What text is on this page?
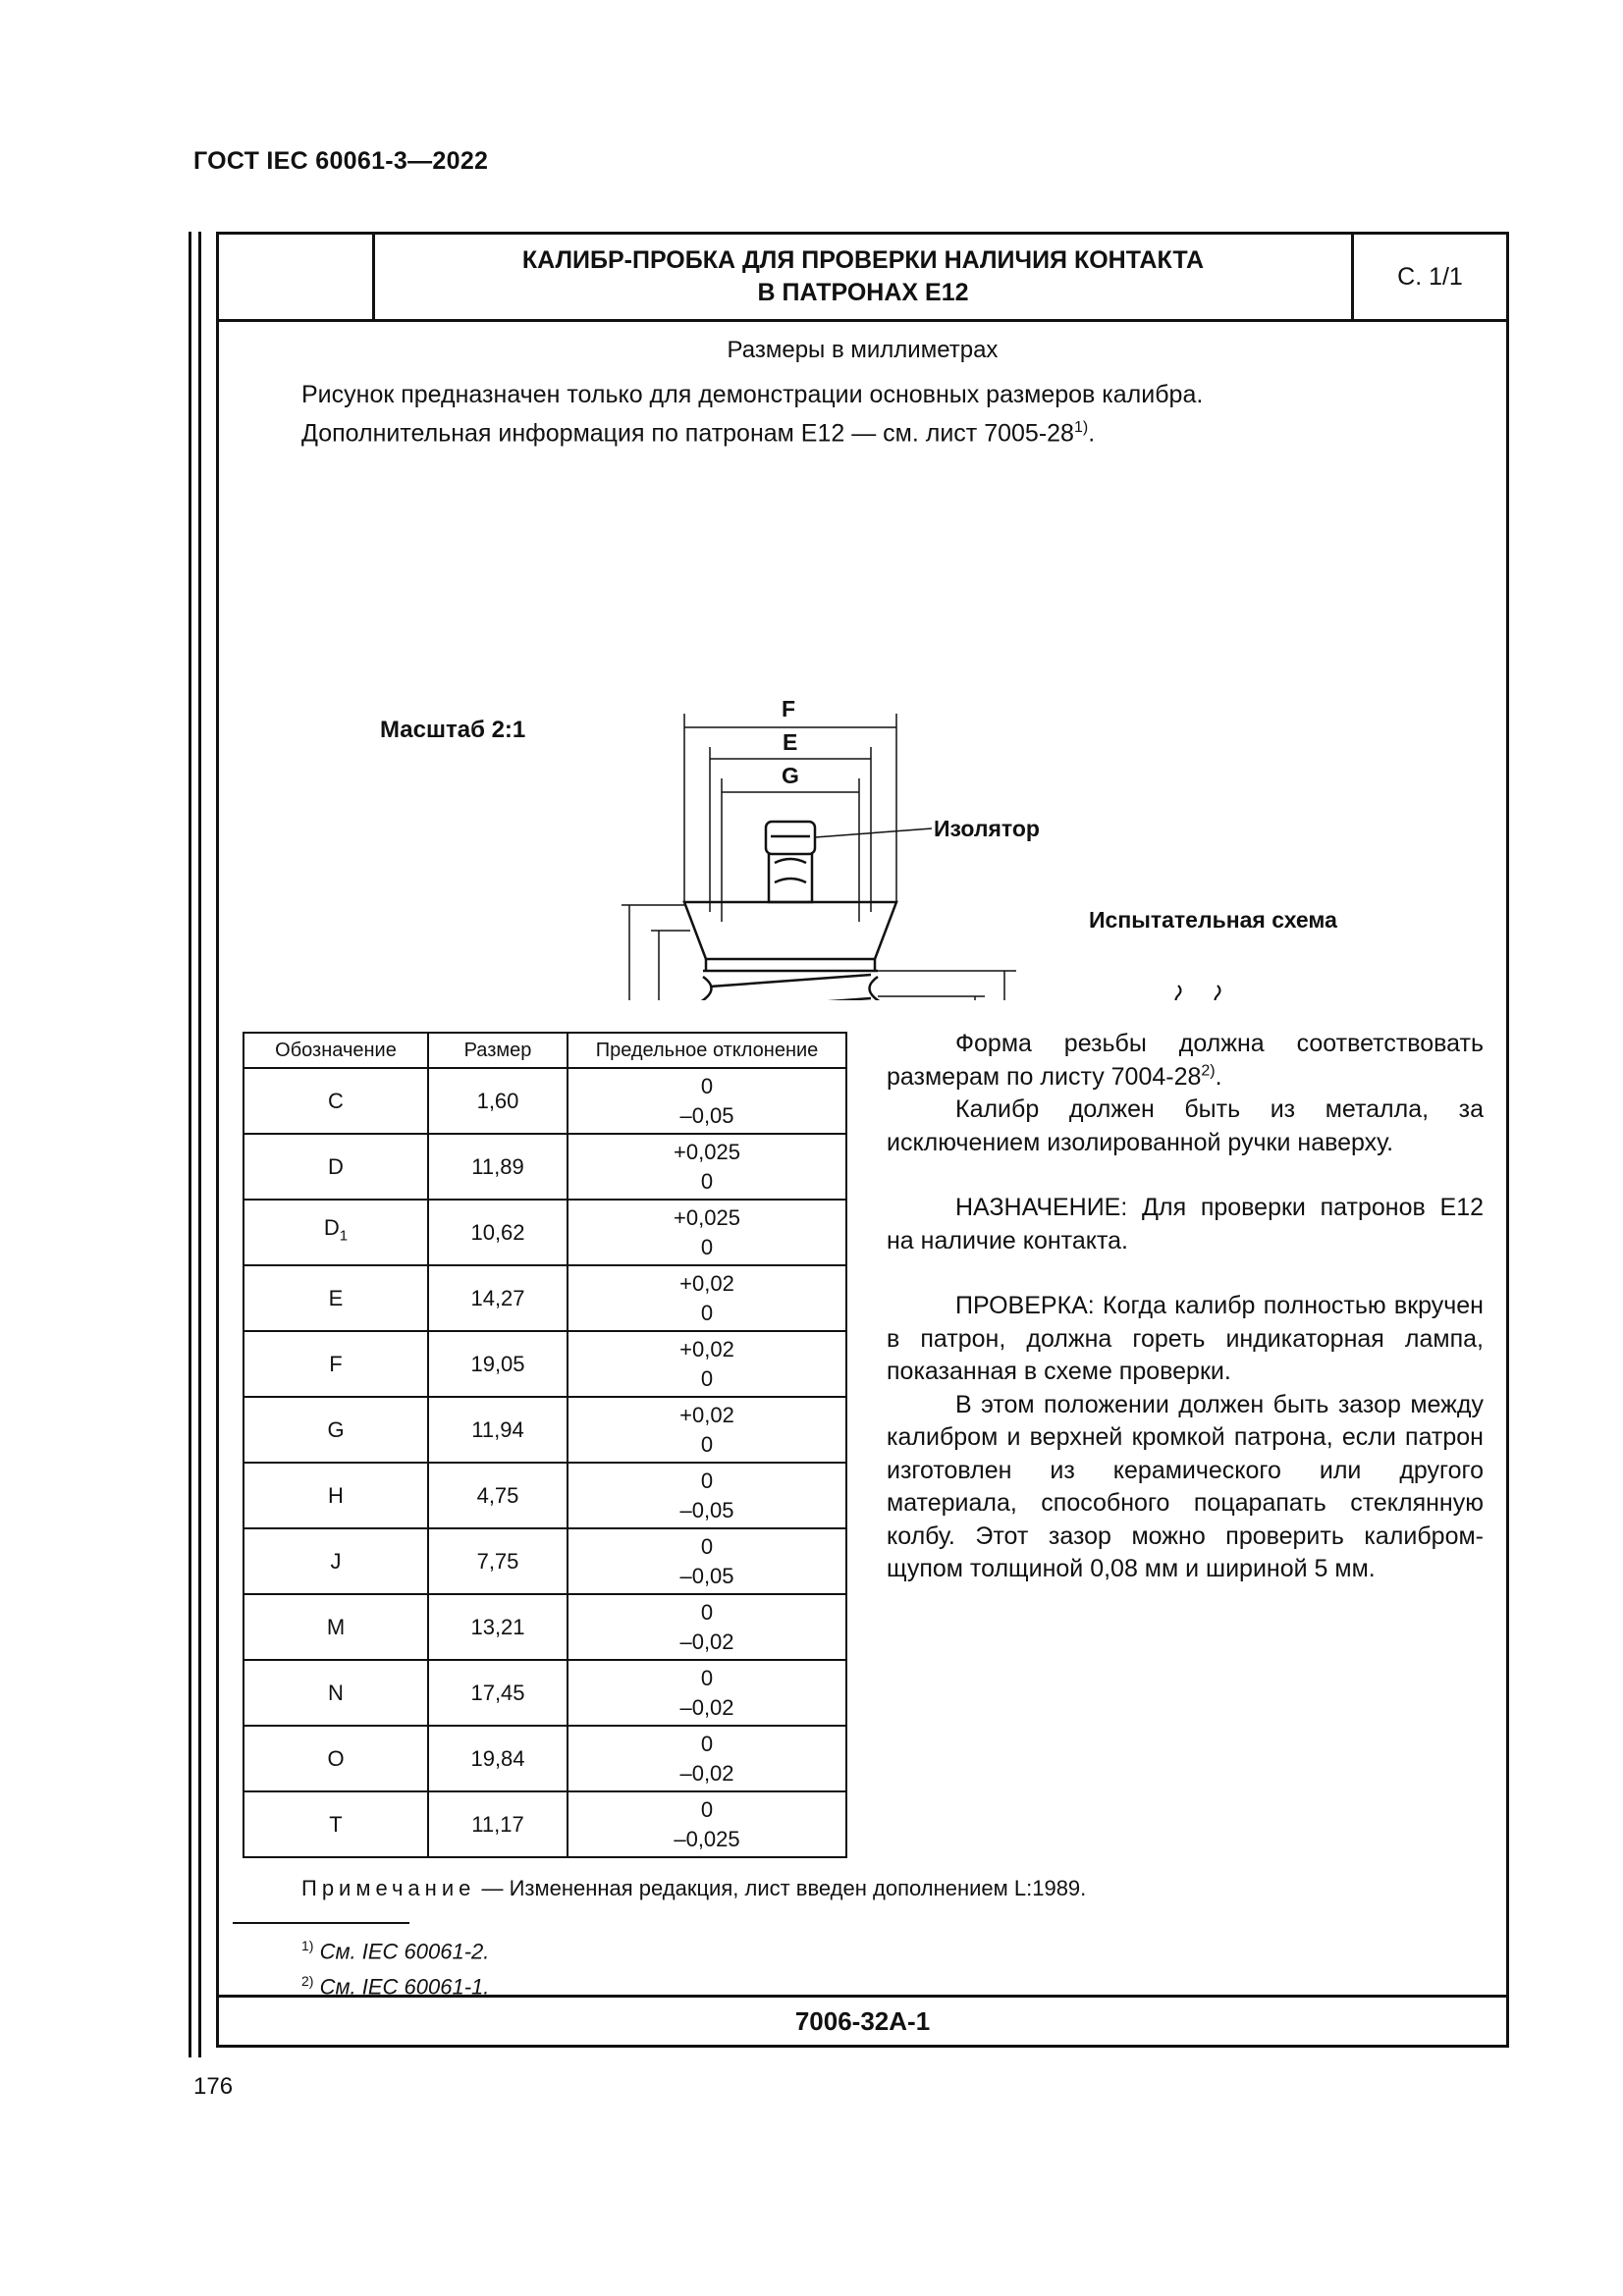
ГОСТ IEC 60061-3—2022
КАЛИБР-ПРОБКА ДЛЯ ПРОВЕРКИ НАЛИЧИЯ КОНТАКТА
В ПАТРОНАХ E12
С. 1/1
Размеры в миллиметрах
Рисунок предназначен только для демонстрации основных размеров калибра.
Дополнительная информация по патронам E12 — см. лист 7005-28$^{1)}$.
Масштаб 2:1
Изолятор
Испытательная схема
F
E
G
Обозначение	Размер	Предельное отклонение
C	1,60	0
–0,05

D	11,89	+0,025
0

$D_1$	10,62	+0,025
0

E	14,27	+0,02
0

F	19,05	+0,02
0

G	11,94	+0,02
0

H	4,75	0
–0,05

J	7,75	0
–0,05

M	13,21	0
–0,02

N	17,45	0
–0,02

O	19,84	0
–0,02

T	11,17	0
–0,025

Форма резьбы должна соответствовать размерам по листу 7004-28$^{2)}$.

Калибр должен быть из металла, за исключением изолированной ручки наверху.

НАЗНАЧЕНИЕ: Для проверки патронов E12 на наличие контакта.

ПРОВЕРКА: Когда калибр полностью вкручен в патрон, должна гореть индикаторная лампа, показанная в схеме проверки.

В этом положении должен быть зазор между калибром и верхней кромкой патрона, если патрон изготовлен из керамического или другого материала, способного поцарапать стеклянную колбу. Этот зазор можно проверить калибром-щупом толщиной 0,08 мм и шириной 5 мм.

Примечание — Измененная редакция, лист введен дополнением L:1989.
$^{1)}$ См. IEC 60061-2.
$^{2)}$ См. IEC 60061-1.
7006-32А-1
176
